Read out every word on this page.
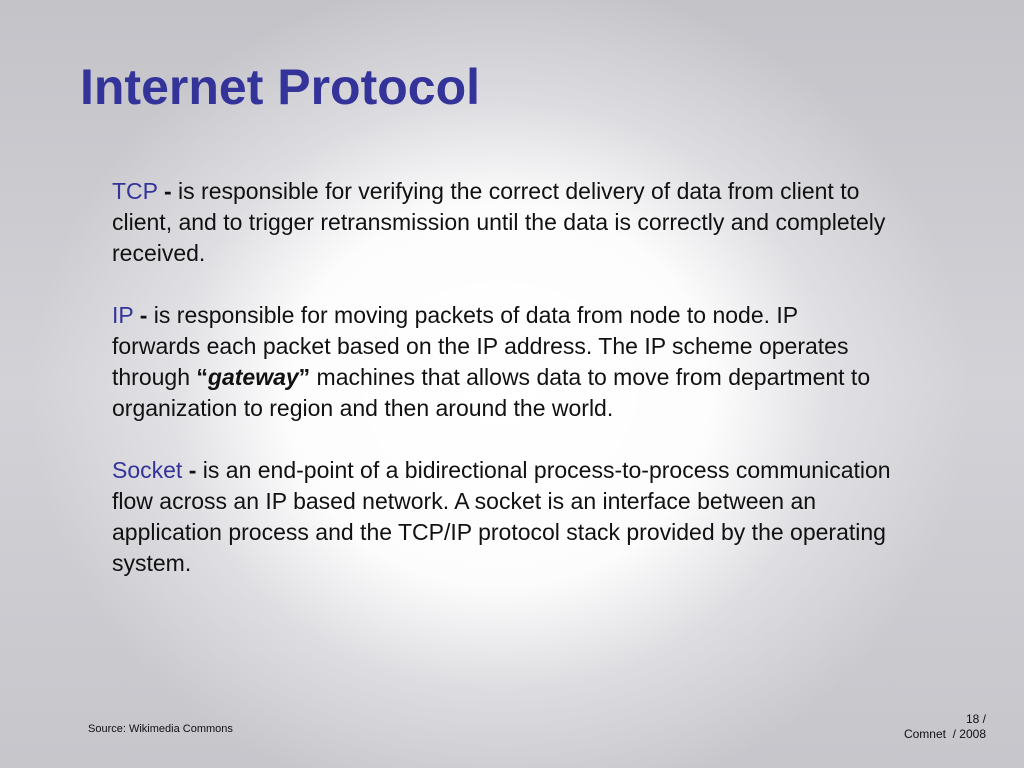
Internet Protocol

TCP - is responsible for verifying the correct delivery of data from client to client, and to trigger retransmission until the data is correctly and completely received.

IP - is responsible for moving packets of data from node to node. IP forwards each packet based on the IP address. The IP scheme operates through “gateway” machines that allows data to move from department to organization to region and then around the world.

Socket - is an end-point of a bidirectional process-to-process communication flow across an IP based network. A socket is an interface between an application process and the TCP/IP protocol stack provided by the operating system.

Source: Wikimedia Commons
18 /
Comnet  / 2008
